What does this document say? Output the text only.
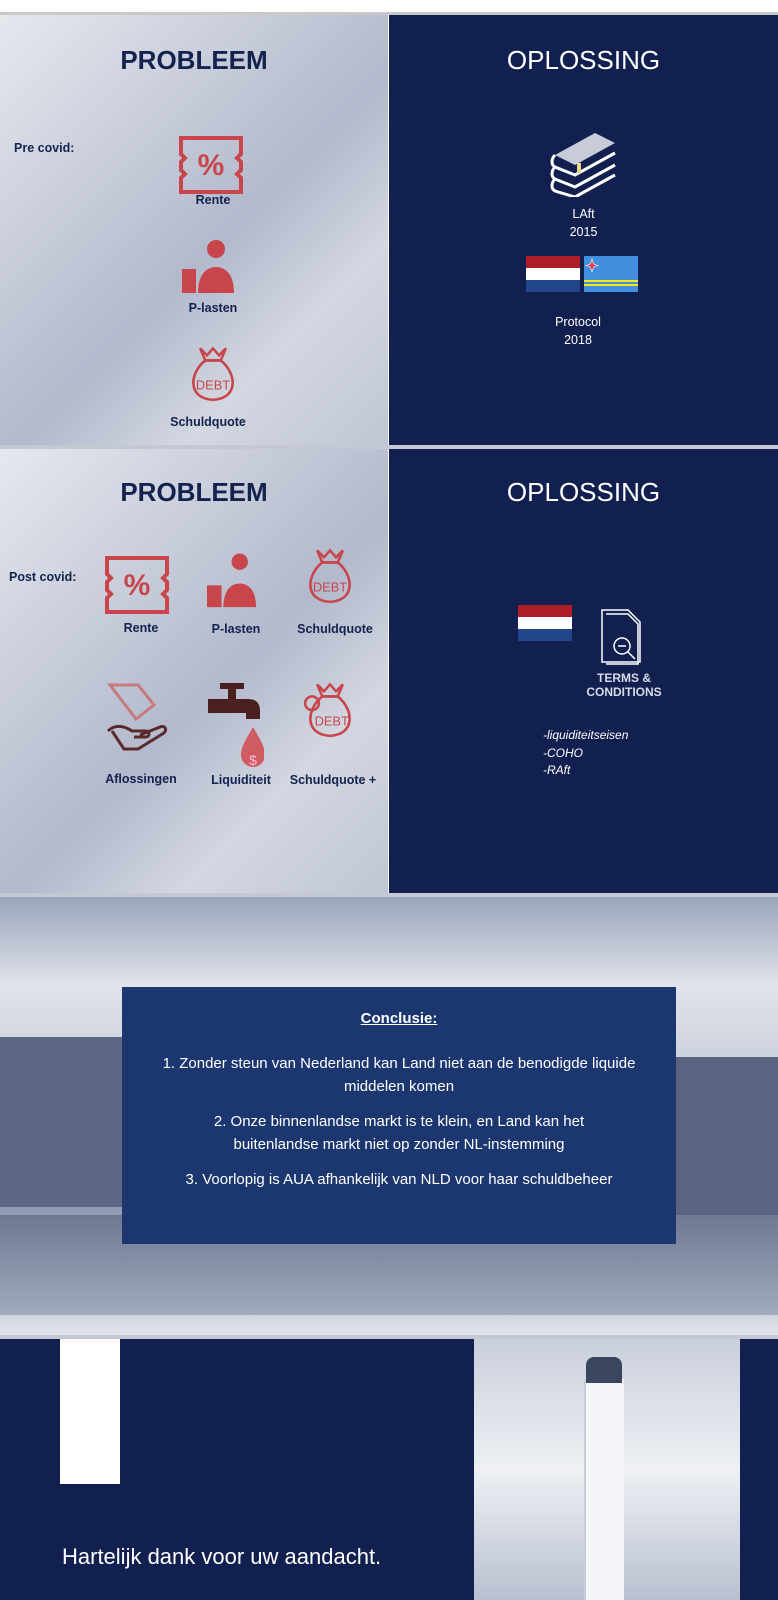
PROBLEEM
Pre covid:
%
Rente
P-lasten
DEBT
Schuldquote
OPLOSSING
LAft
2015
Protocol
2018
PROBLEEM
Post covid: %	DEBT
Rente	P-lasten	Schuldquote
$
DEBT
Aflossingen	Liquiditeit	Schuldquote +
OPLOSSING
TERMS &
CONDITIONS
-liquiditeitseisen
-COHO
-RAft
Conclusie:
1. Zonder steun van Nederland kan Land niet aan de benodigde liquide middelen komen
2. Onze binnenlandse markt is te klein, en Land kan het buitenlandse markt niet op zonder NL-instemming
3. Voorlopig is AUA afhankelijk van NLD voor haar schuldbeheer
Hartelijk dank voor uw aandacht.
